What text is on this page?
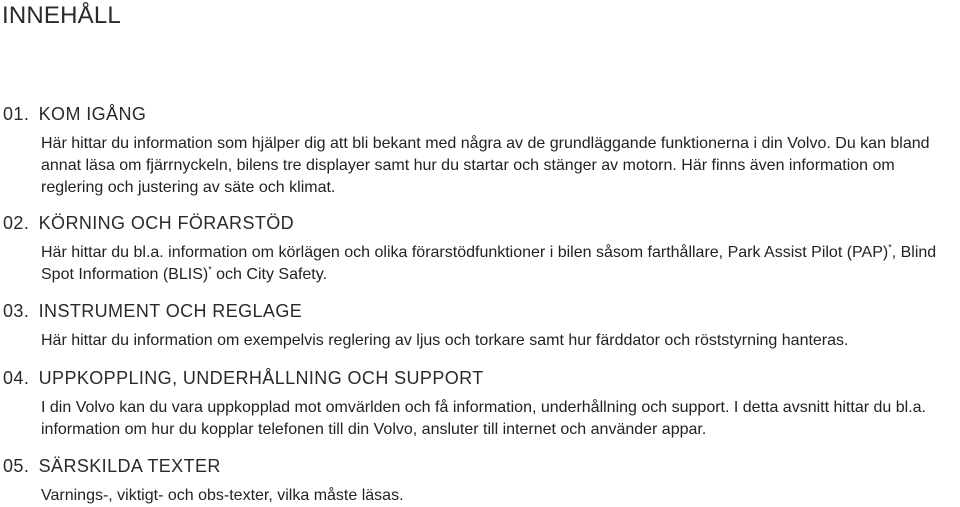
INNEHÅLL
01. KOM IGÅNG
Här hittar du information som hjälper dig att bli bekant med några av de grundläggande funktionerna i din Volvo. Du kan bland annat läsa om fjärrnyckeln, bilens tre displayer samt hur du startar och stänger av motorn. Här finns även information om reglering och justering av säte och klimat.
02. KÖRNING OCH FÖRARSTÖD
Här hittar du bl.a. information om körlägen och olika förarstödfunktioner i bilen såsom farthållare, Park Assist Pilot (PAP)*, Blind Spot Information (BLIS)* och City Safety.
03. INSTRUMENT OCH REGLAGE
Här hittar du information om exempelvis reglering av ljus och torkare samt hur färddator och röststyrning hanteras.
04. UPPKOPPLING, UNDERHÅLLNING OCH SUPPORT
I din Volvo kan du vara uppkopplad mot omvärlden och få information, underhållning och support. I detta avsnitt hittar du bl.a. information om hur du kopplar telefonen till din Volvo, ansluter till internet och använder appar.
05. SÄRSKILDA TEXTER
Varnings-, viktigt- och obs-texter, vilka måste läsas.
